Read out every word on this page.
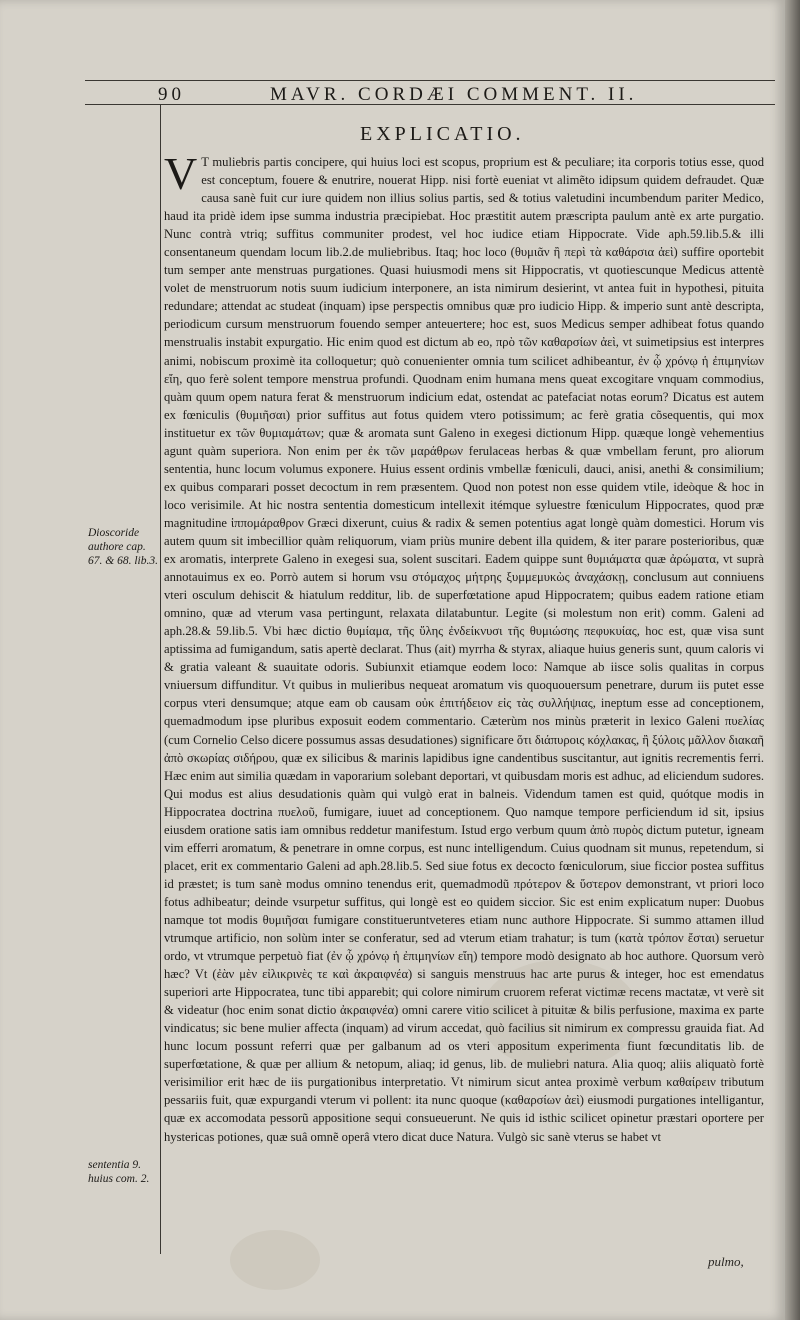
90	MAVR. CORDÆI COMMENT. II.
EXPLICATIO.

V T muliebris partis concipere, qui huius loci est scopus, proprium est & peculiare; ita corporis totius esse, quod est conceptum, fouere & enutrire, nouerat Hipp. nisi fortè eueniat vt alimẽto idipsum quidem defraudet. Quæ causa sanè fuit cur iure quidem non illius solius partis, sed & totius valetudini incumbendum pariter Medico, haud ita pridè idem ipse summa industria præcipiebat. Hoc præstitit autem præscripta paulum antè ex arte purgatio. Nunc contrà vtriq; suffitus communiter prodest, vel hoc iudice etiam Hippocrate. Vide aph.59.lib.5.& illi consentaneum quendam locum lib.2.de muliebribus. Itaq; hoc loco (θυμιᾶν ἢ περὶ τὰ καθάρσια ἀεὶ) suffire oportebit tum semper ante menstruas purgationes. Quasi huiusmodi mens sit Hippocratis, vt quotiescunque Medicus attentè volet de menstruorum notis suum iudicium interponere, an ista nimirum desierint, vt antea fuit in hypothesi, pituita redundare; attendat ac studeat (inquam) ipse perspectis omnibus quæ pro iudicio Hipp. & imperio sunt antè descripta, periodicum cursum menstruorum fouendo semper anteuertere; hoc est, suos Medicus semper adhibeat fotus quando menstrualis instabit expurgatio. Hic enim quod est dictum ab eo, πρὸ τῶν καθαρσίων ἀεὶ, vt suimetipsius est interpres animi, nobiscum proximè ita colloquetur; quò conuenienter omnia tum scilicet adhibeantur, ἐν ᾧ χρόνῳ ἡ ἐπιμηνίων εἴη, quo ferè solent tempore menstrua profundi. Quodnam enim humana mens queat excogitare vnquam commodius, quàm quum opem natura ferat & menstruorum indicium edat, ostendat ac patefaciat notas eorum? Dicatus est autem ex fœniculis (θυμιῆσαι) prior suffitus aut fotus quidem vtero potissimum; ac ferè gratia cõsequentis, qui mox instituetur ex τῶν θυμιαμάτων; quæ & aromata sunt Galeno in exegesi dictionum Hipp. quæque longè vehementius agunt quàm superiora. Non enim per ἐκ τῶν μαράθρων ferulaceas herbas & quæ vmbellam ferunt, pro aliorum sententia, hunc locum volumus exponere. Huius essent ordinis vmbellæ fœniculi, dauci, anisi, anethi & consimilium; ex quibus comparari posset decoctum in rem præsentem. Quod non potest non esse quidem vtile, ideòque & hoc in loco verisimile. At hic nostra sententia domesticum intellexit itémque syluestre fœniculum Hippocrates, quod præ magnitudine ἱππομάραθρον Græci dixerunt, cuius & radix & semen potentius agat longè quàm domestici. Horum vis autem quum sit imbecillior quàm reliquorum, viam priùs munire debent illa quidem, & iter parare posterioribus, quæ ex aromatis, interprete Galeno in exegesi sua, solent suscitari. Eadem quippe sunt θυμιάματα quæ ἀρώματα, vt suprà annotauimus ex eo. Porrò autem si horum vsu στόμαχος μήτρης ξυμμεμυκὼς ἀναχάσκῃ, conclusum aut conniuens vteri osculum dehiscit & hiatulum redditur, lib. de superfœtatione apud Hippocratem; quibus eadem ratione etiam omnino, quæ ad vterum vasa pertingunt, relaxata dilatabuntur. Legite (si molestum non erit) comm. Galeni ad aph.28.& 59.lib.5. Vbi hæc dictio θυμίαμα, τῆς ὕλης ἐνδείκνυσι τῆς θυμιώσης πεφυκυίας, hoc est, quæ visa sunt aptissima ad fumigandum, satis apertè declarat. Thus (ait) myrrha & styrax, aliaque huius generis sunt, quum caloris vi & gratia valeant & suauitate odoris. Subiunxit etiamque eodem loco: Namque ab iisce solis qualitas in corpus vniuersum diffunditur. Vt quibus in mulieribus nequeat aromatum vis quoquouersum penetrare, durum iis putet esse corpus vteri densumque; atque eam ob causam οὐκ ἐπιτήδειον εἰς τὰς συλλήψιας, ineptum esse ad conceptionem, quemadmodum ipse pluribus exposuit eodem commentario. Cæterùm nos minùs præterit in lexico Galeni πυελίας (cum Cornelio Celso dicere possumus assas desudationes) significare ὅτι διάπυροις κόχλακας, ἢ ξύλοις μᾶλλον διακαῆ ἀπὸ σκωρίας σιδήρου, quæ ex silicibus & marinis lapidibus igne candentibus suscitantur, aut ignitis recrementis ferri. Hæc enim aut similia quædam in vaporarium solebant deportari, vt quibusdam moris est adhuc, ad eliciendum sudores. Qui modus est alius desudationis quàm qui vulgò erat in balneis. Videndum tamen est quid, quótque modis in Hippocratea doctrina πυελοῦ, fumigare, iuuet ad conceptionem. Quo namque tempore perficiendum id sit, ipsius eiusdem oratione satis iam omnibus reddetur manifestum. Istud ergo verbum quum ἀπὸ πυρὸς dictum putetur, igneam vim efferri aromatum, & penetrare in omne corpus, est nunc intelligendum. Cuius quodnam sit munus, repetendum, si placet, erit ex commentario Galeni ad aph.28.lib.5. Sed siue fotus ex decocto fœniculorum, siue ficcior postea suffitus id præstet; is tum sanè modus omnino tenendus erit, quemadmodũ πρότερον & ὕστερον demonstrant, vt priori loco fotus adhibeatur; deinde vsurpetur suffitus, qui longè est eo quidem siccior. Sic est enim explicatum nuper: Duobus namque tot modis θυμιῆσαι fumigare constitueruntveteres etiam nunc authore Hippocrate. Si summo attamen illud vtrumque artificio, non solùm inter se conferatur, sed ad vterum etiam trahatur; is tum (κατὰ τρόπον ἔσται) seruetur ordo, vt vtrumque perpetuò fiat (ἐν ᾧ χρόνῳ ἡ ἐπιμηνίων εἴη) tempore modò designato ab hoc authore. Quorsum verò hæc? Vt (ἐὰν μὲν εἰλικρινὲς τε καὶ ἀκραιφνέα) si sanguis menstruus hac arte purus & integer, hoc est emendatus superiori arte Hippocratea, tunc tibi apparebit; qui colore nimirum cruorem referat victimæ recens mactatæ, vt verè sit & videatur (hoc enim sonat dictio ἀκραιφνέα) omni carere vitio scilicet à pituitæ & bilis perfusione, maxima ex parte vindicatus; sic bene mulier affecta (inquam) ad virum accedat, quò facilius sit nimirum ex compressu grauida fiat. Ad hunc locum possunt referri quæ per galbanum ad os vteri appositum experimenta fiunt fœcunditatis lib. de superfœtatione, & quæ per allium & netopum, aliaq; id genus, lib. de muliebri natura. Alia quoq; aliis aliquatò fortè verisimilior erit hæc de iis purgationibus interpretatio. Vt nimirum sicut antea proximè verbum καθαίρειν tributum pessariis fuit, quæ expurgandi vterum vi pollent: ita nunc quoque (καθαρσίων ἀεὶ) eiusmodi purgationes intelligantur, quæ ex accomodata pessorũ appositione sequi consueuerunt. Ne quis id isthic scilicet opinetur præstari oportere per hystericas potiones, quæ suâ omnẽ operâ vtero dicat duce Natura. Vulgò sic sanè vterus se habet vt

Dioscoride authore cap. 67. & 68. lib.3.
sententia 9. huius com. 2.
pulmo,
